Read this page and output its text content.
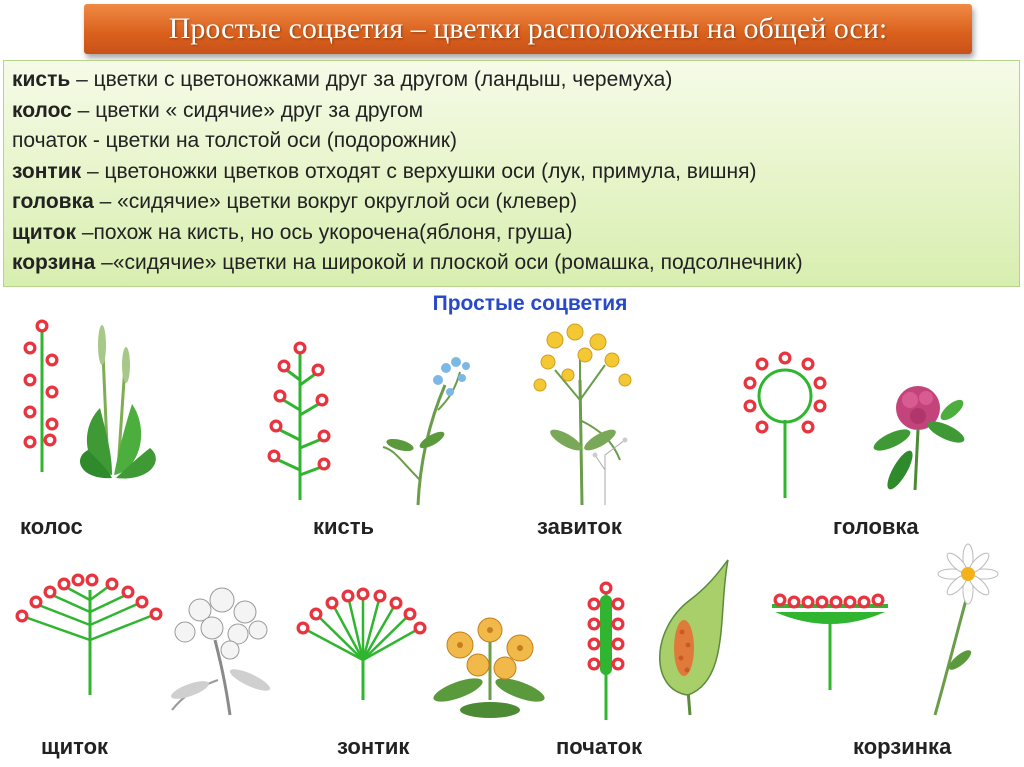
Простые соцветия – цветки расположены на общей оси:
кисть – цветки с цветоножками друг за другом (ландыш, черемуха)
колос – цветки « сидячие» друг за другом
початок - цветки на толстой оси (подорожник)
зонтик – цветоножки цветков отходят с верхушки оси (лук, примула, вишня)
головка – «сидячие» цветки вокруг округлой оси (клевер)
щиток –похож на кисть, но ось укорочена(яблоня, груша)
корзина –«сидячие» цветки на широкой и плоской оси (ромашка, подсолнечник)
Простые соцветия
колос	кисть	завиток	головка
щиток	зонтик	початок	корзинка
